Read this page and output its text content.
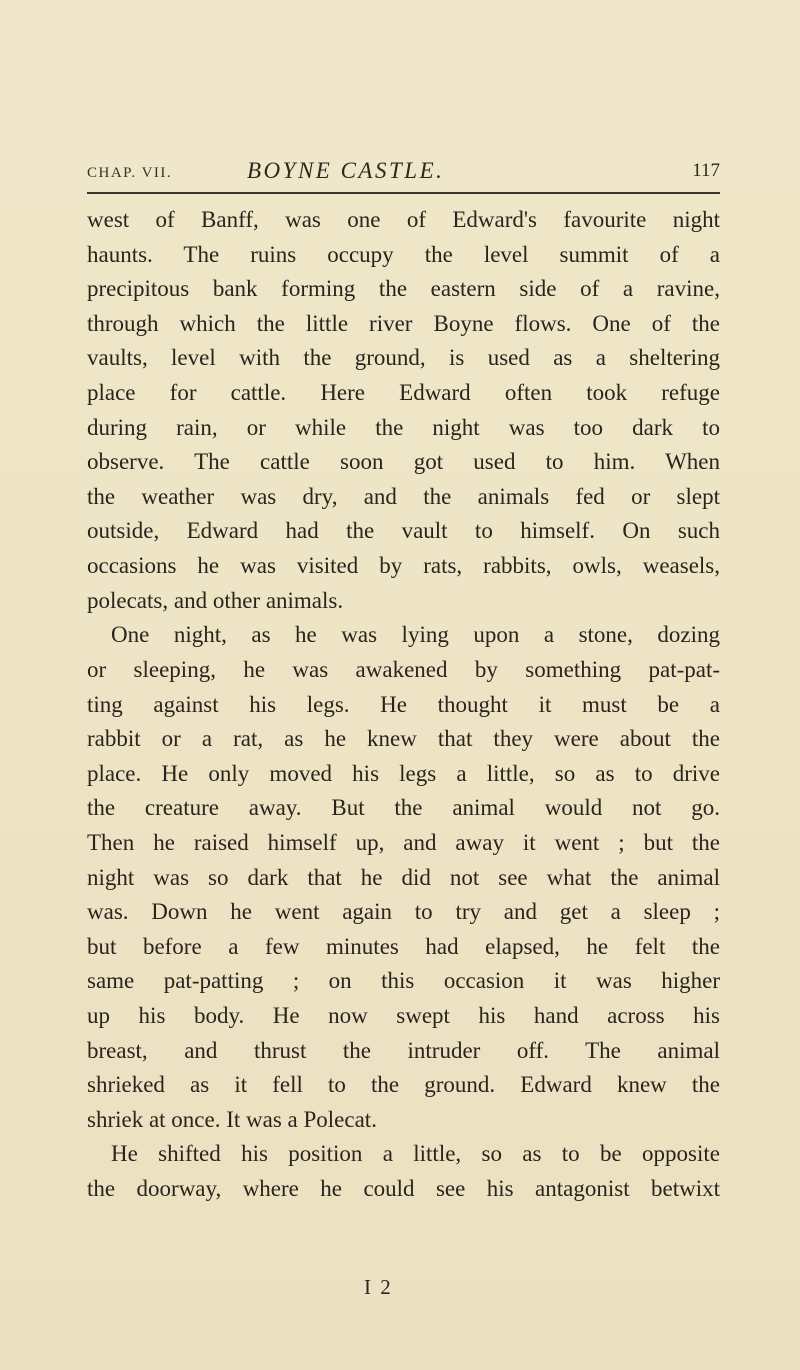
CHAP. VII.	BOYNE CASTLE.	117
west of Banff, was one of Edward's favourite night
haunts. The ruins occupy the level summit of a
precipitous bank forming the eastern side of a ravine,
through which the little river Boyne flows. One of the
vaults, level with the ground, is used as a sheltering
place for cattle. Here Edward often took refuge
during rain, or while the night was too dark to
observe. The cattle soon got used to him. When
the weather was dry, and the animals fed or slept
outside, Edward had the vault to himself. On such
occasions he was visited by rats, rabbits, owls, weasels,
polecats, and other animals.
One night, as he was lying upon a stone, dozing
or sleeping, he was awakened by something pat-pat-
ting against his legs. He thought it must be a
rabbit or a rat, as he knew that they were about the
place. He only moved his legs a little, so as to drive
the creature away. But the animal would not go.
Then he raised himself up, and away it went ; but the
night was so dark that he did not see what the animal
was. Down he went again to try and get a sleep ;
but before a few minutes had elapsed, he felt the
same pat-patting ; on this occasion it was higher
up his body. He now swept his hand across his
breast, and thrust the intruder off. The animal
shrieked as it fell to the ground. Edward knew the
shriek at once. It was a Polecat.
He shifted his position a little, so as to be opposite
the doorway, where he could see his antagonist betwixt
I 2
